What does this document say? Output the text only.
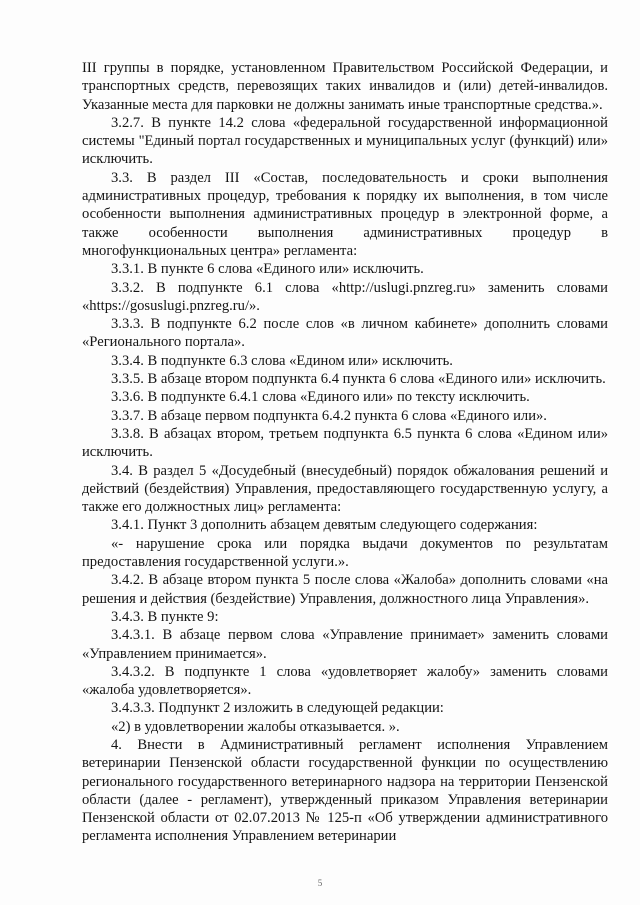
III группы в порядке, установленном Правительством Российской Федерации, и транспортных средств, перевозящих таких инвалидов и (или) детей-инвалидов. Указанные места для парковки не должны занимать иные транспортные средства.».

3.2.7. В пункте 14.2 слова «федеральной государственной информационной системы "Единый портал государственных и муниципальных услуг (функций) или» исключить.

3.3. В раздел III «Состав, последовательность и сроки выполнения административных процедур, требования к порядку их выполнения, в том числе особенности выполнения административных процедур в электронной форме, а также особенности выполнения административных процедур в многофункциональных центра» регламента:

3.3.1. В пункте 6 слова «Единого или» исключить.

3.3.2. В подпункте 6.1 слова «http://uslugi.pnzreg.ru» заменить словами «https://gosuslugi.pnzreg.ru/».

3.3.3. В подпункте 6.2 после слов «в личном кабинете» дополнить словами «Регионального портала».

3.3.4. В подпункте 6.3 слова «Едином или» исключить.

3.3.5. В абзаце втором подпункта 6.4 пункта 6 слова «Единого или» исключить.

3.3.6. В подпункте 6.4.1 слова «Единого или» по тексту исключить.

3.3.7. В абзаце первом подпункта 6.4.2 пункта 6 слова «Единого или».

3.3.8. В абзацах втором, третьем подпункта 6.5 пункта 6 слова «Едином или» исключить.

3.4. В раздел 5 «Досудебный (внесудебный) порядок обжалования решений и действий (бездействия) Управления, предоставляющего государственную услугу, а также его должностных лиц» регламента:

3.4.1. Пункт 3 дополнить абзацем девятым следующего содержания:

«- нарушение срока или порядка выдачи документов по результатам предоставления государственной услуги.».

3.4.2. В абзаце втором пункта 5 после слова «Жалоба» дополнить словами «на решения и действия (бездействие) Управления, должностного лица Управления».

3.4.3. В пункте 9:

3.4.3.1. В абзаце первом слова «Управление принимает» заменить словами «Управлением принимается».

3.4.3.2. В подпункте 1 слова «удовлетворяет жалобу» заменить словами «жалоба удовлетворяется».

3.4.3.3. Подпункт 2 изложить в следующей редакции:

«2) в удовлетворении жалобы отказывается. ».

4. Внести в Административный регламент исполнения Управлением ветеринарии Пензенской области государственной функции по осуществлению регионального государственного ветеринарного надзора на территории Пензенской области (далее - регламент), утвержденный приказом Управления ветеринарии Пензенской области от 02.07.2013 № 125-п «Об утверждении административного регламента исполнения Управлением ветеринарии

5
